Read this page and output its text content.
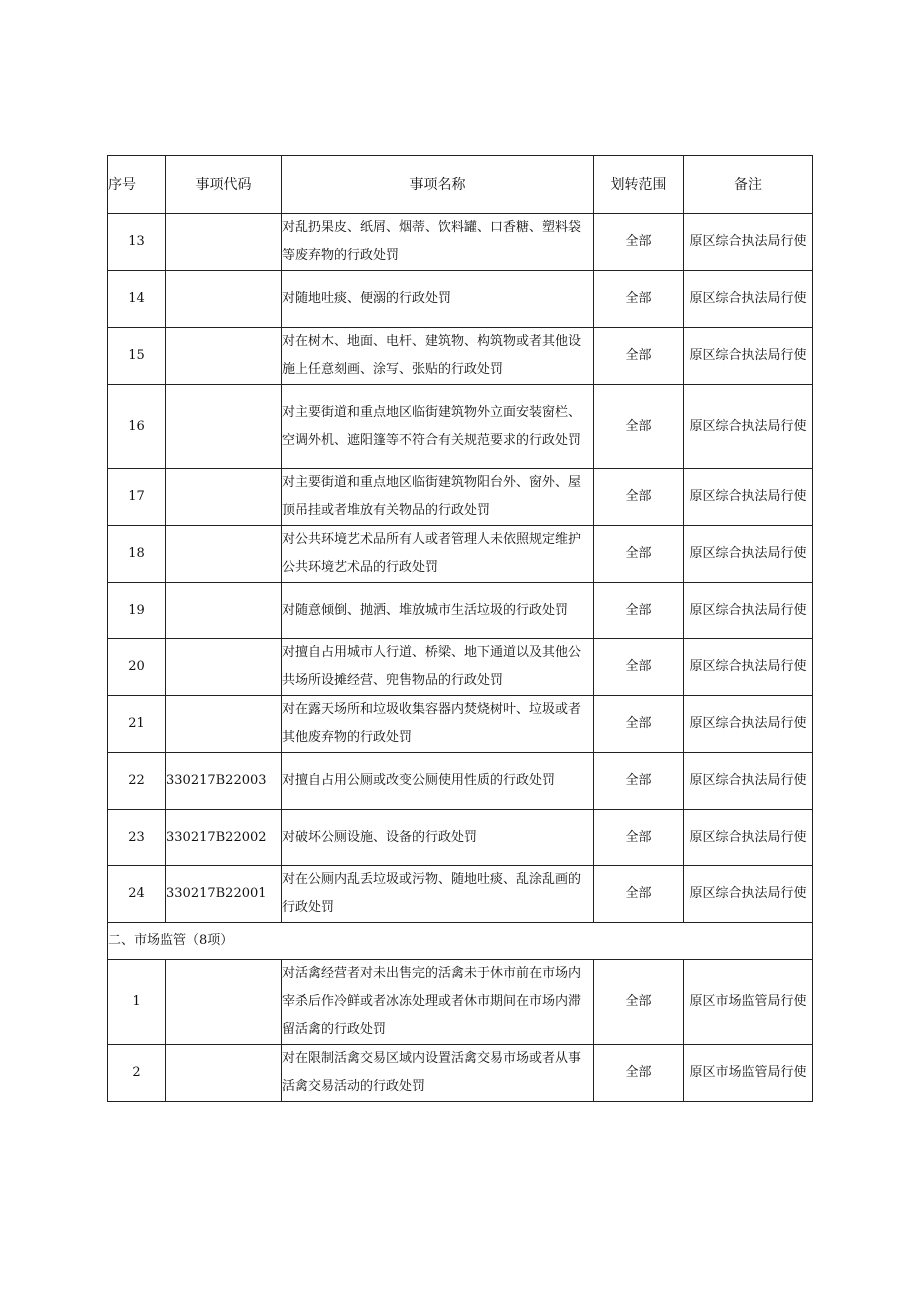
序号	事项代码	事项名称	划转范围	备注
13		对乱扔果皮、纸屑、烟蒂、饮料罐、口香糖、塑料袋等废弃物的行政处罚	全部	原区综合执法局行使
14		对随地吐痰、便溺的行政处罚	全部	原区综合执法局行使
15		对在树木、地面、电杆、建筑物、构筑物或者其他设施上任意刻画、涂写、张贴的行政处罚	全部	原区综合执法局行使
16		对主要街道和重点地区临街建筑物外立面安装窗栏、空调外机、遮阳篷等不符合有关规范要求的行政处罚	全部	原区综合执法局行使
17		对主要街道和重点地区临街建筑物阳台外、窗外、屋顶吊挂或者堆放有关物品的行政处罚	全部	原区综合执法局行使
18		对公共环境艺术品所有人或者管理人未依照规定维护公共环境艺术品的行政处罚	全部	原区综合执法局行使
19		对随意倾倒、抛洒、堆放城市生活垃圾的行政处罚	全部	原区综合执法局行使
20		对擅自占用城市人行道、桥梁、地下通道以及其他公共场所设摊经营、兜售物品的行政处罚	全部	原区综合执法局行使
21		对在露天场所和垃圾收集容器内焚烧树叶、垃圾或者其他废弃物的行政处罚	全部	原区综合执法局行使
22	330217B22003	对擅自占用公厕或改变公厕使用性质的行政处罚	全部	原区综合执法局行使
23	330217B22002	对破坏公厕设施、设备的行政处罚	全部	原区综合执法局行使
24	330217B22001	对在公厕内乱丢垃圾或污物、随地吐痰、乱涂乱画的行政处罚	全部	原区综合执法局行使
二、市场监管（8项）				
1		对活禽经营者对未出售完的活禽未于休市前在市场内宰杀后作冷鲜或者冰冻处理或者休市期间在市场内滞留活禽的行政处罚	全部	原区市场监管局行使
2		对在限制活禽交易区域内设置活禽交易市场或者从事活禽交易活动的行政处罚	全部	原区市场监管局行使
